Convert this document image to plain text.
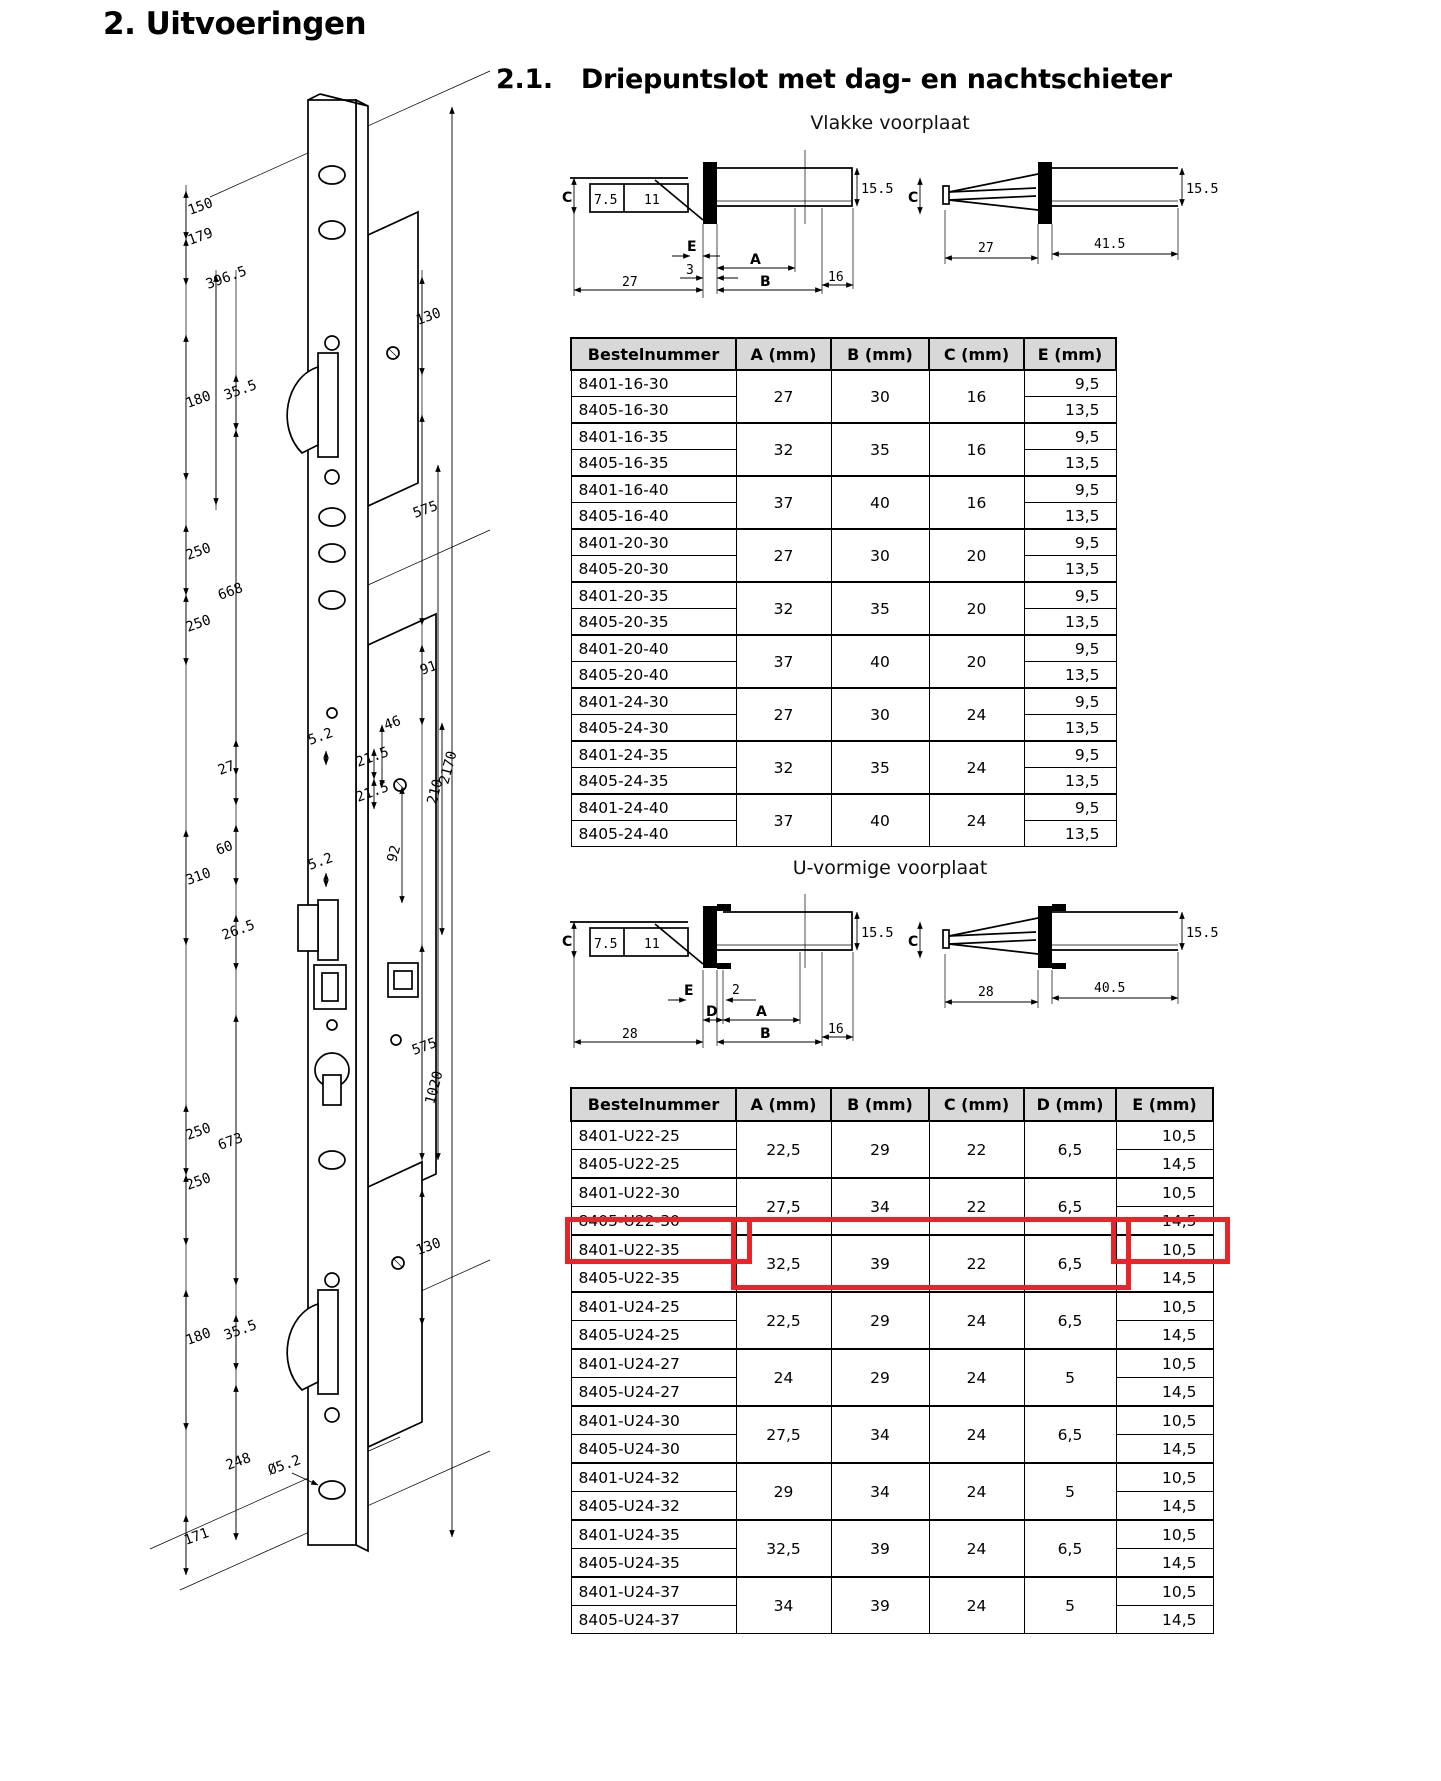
2. Uitvoeringen
2.1. Driepuntslot met dag- en nachtschieter
Vlakke voorplaat
U-vormige voorplaat
150
179
396.5
130
35.5
180
575
250
668
250
91
2170
46
5.2
21.5
27
21.5 210
92
60
5.2
310
26.5
575
1020
250 673
250
130
35.5
180
248 Ø5.2
171
C 7.5 11
15.5
E
3
A
B
27	16
C
27	41.5
15.5
C 7.5 11
15.5
E	2
D	A
B
28	16
C
28	40.5
15.5
Bestelnummer	A (mm)	B (mm)	C (mm)	E (mm)
8401-16-30	27	30	16	9,5
8405-16-30				13,5
8401-16-35	32	35	16	9,5
8405-16-35				13,5
8401-16-40	37	40	16	9,5
8405-16-40				13,5
8401-20-30	27	30	20	9,5
8405-20-30				13,5
8401-20-35	32	35	20	9,5
8405-20-35				13,5
8401-20-40	37	40	20	9,5
8405-20-40				13,5
8401-24-30	27	30	24	9,5
8405-24-30				13,5
8401-24-35	32	35	24	9,5
8405-24-35				13,5
8401-24-40	37	40	24	9,5
8405-24-40				13,5
Bestelnummer	A (mm)	B (mm)	C (mm)	D (mm)	E (mm)
8401-U22-25	22,5	29	22	6,5	10,5
8405-U22-25					14,5
8401-U22-30	27,5	34	22	6,5	10,5
8405-U22-30					14,5
8401-U22-35	32,5	39	22	6,5	10,5
8405-U22-35					14,5
8401-U24-25	22,5	29	24	6,5	10,5
8405-U24-25					14,5
8401-U24-27	24	29	24	5	10,5
8405-U24-27					14,5
8401-U24-30	27,5	34	24	6,5	10,5
8405-U24-30					14,5
8401-U24-32	29	34	24	5	10,5
8405-U24-32					14,5
8401-U24-35	32,5	39	24	6,5	10,5
8405-U24-35					14,5
8401-U24-37	34	39	24	5	10,5
8405-U24-37					14,5
